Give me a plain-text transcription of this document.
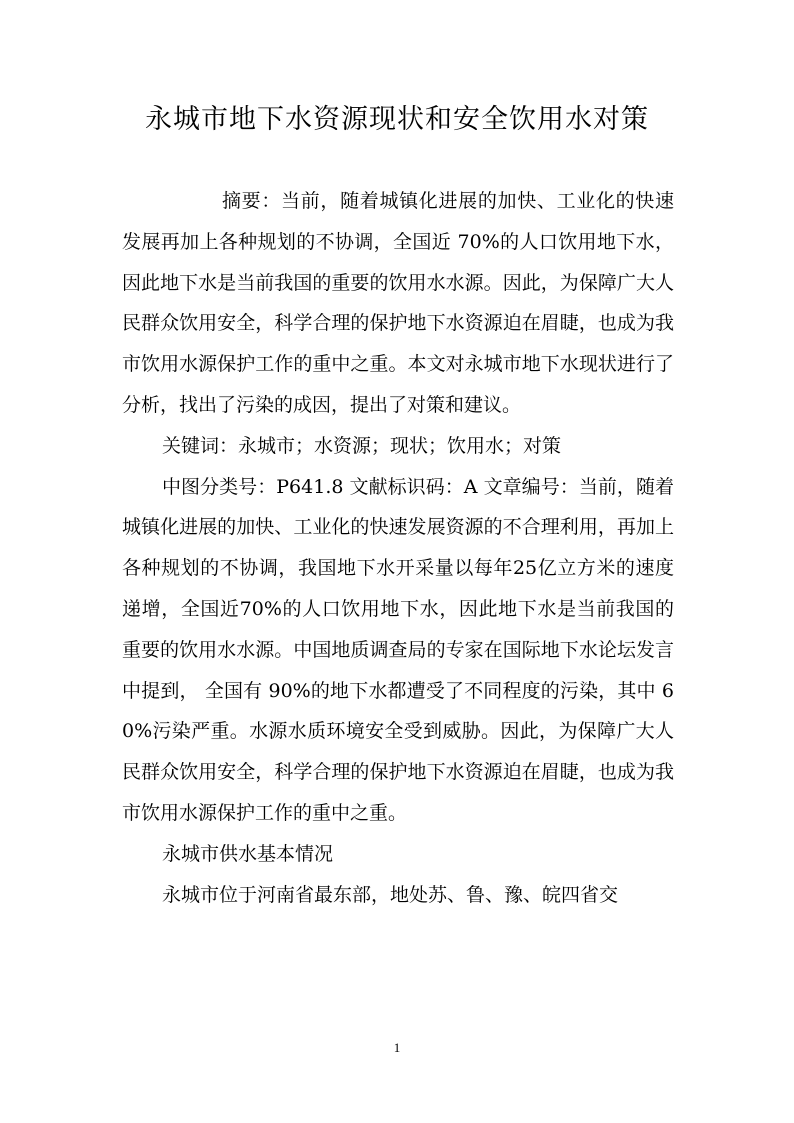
永城市地下水资源现状和安全饮用水对策

摘要：当前，随着城镇化进展的加快、工业化的快速发展再加上各种规划的不协调，全国近 70%的人口饮用地下水，因此地下水是当前我国的重要的饮用水水源。因此，为保障广大人民群众饮用安全，科学合理的保护地下水资源迫在眉睫，也成为我市饮用水源保护工作的重中之重。本文对永城市地下水现状进行了分析，找出了污染的成因，提出了对策和建议。

关键词：永城市；水资源；现状；饮用水；对策

中图分类号：P641.8 文献标识码：A 文章编号：当前，随着城镇化进展的加快、工业化的快速发展资源的不合理利用，再加上各种规划的不协调，我国地下水开采量以每年25亿立方米的速度递增，全国近70%的人口饮用地下水，因此地下水是当前我国的重要的饮用水水源。中国地质调查局的专家在国际地下水论坛发言中提到， 全国有 90%的地下水都遭受了不同程度的污染，其中 60%污染严重。水源水质环境安全受到威胁。因此，为保障广大人民群众饮用安全，科学合理的保护地下水资源迫在眉睫，也成为我市饮用水源保护工作的重中之重。

永城市供水基本情况

永城市位于河南省最东部，地处苏、鲁、豫、皖四省交

1
